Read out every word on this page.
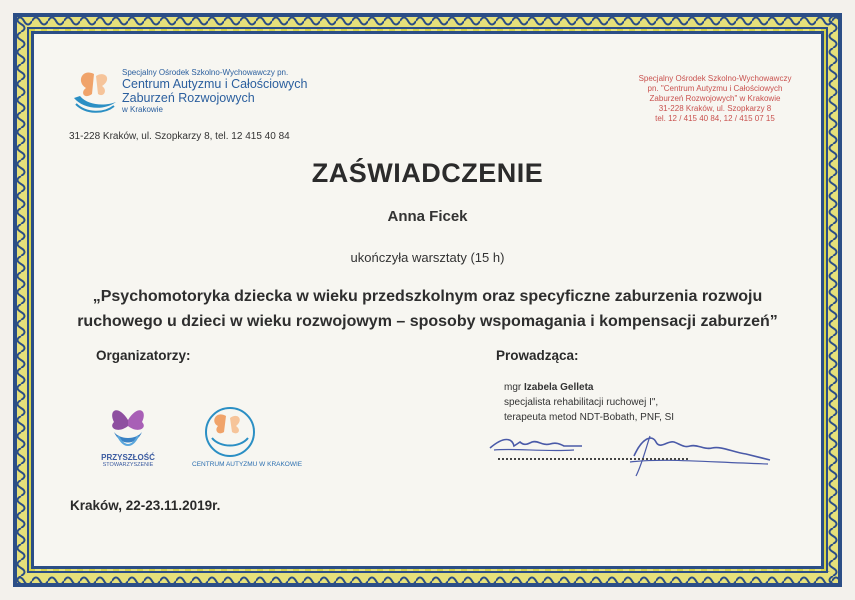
Specjalny Ośrodek Szkolno-Wychowawczy pn.
Centrum Autyzmu i Całościowych
Zaburzeń Rozwojowych
w Krakowie
31-228 Kraków, ul. Szopkarzy 8, tel. 12 415 40 84
Specjalny Ośrodek Szkolno-Wychowawczy
pn. "Centrum Autyzmu i Całościowych
Zaburzeń Rozwojowych" w Krakowie
31-228 Kraków, ul. Szopkarzy 8
tel. 12 / 415 40 84, 12 / 415 07 15
ZAŚWIADCZENIE
Anna Ficek
ukończyła warsztaty (15 h)
„Psychomotoryka dziecka w wieku przedszkolnym oraz specyficzne zaburzenia rozwoju
ruchowego u dzieci w wieku rozwojowym – sposoby wspomagania i kompensacji zaburzeń”
Organizatorzy:
PRZYSZŁOŚĆ
STOWARZYSZENIE	CENTRUM AUTYZMU W KRAKOWIE
Prowadząca:
mgr Izabela Gelleta
specjalista rehabilitacji ruchowej I",
terapeuta metod NDT-Bobath, PNF, SI
Kraków, 22-23.11.2019r.
